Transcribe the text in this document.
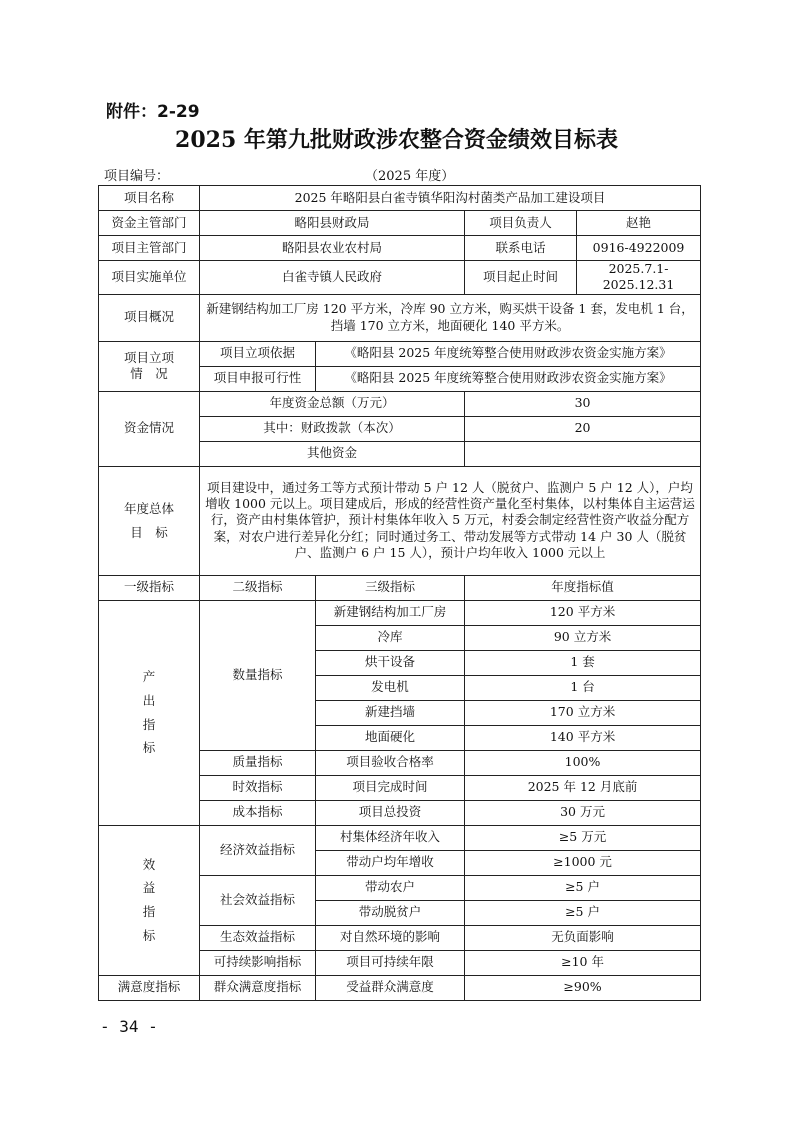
附件：2-29
2025 年第九批财政涉农整合资金绩效目标表
项目编号：	（2025 年度）
项目名称	2025 年略阳县白雀寺镇华阳沟村菌类产品加工建设项目			
资金主管部门	略阳县财政局		项目负责人	赵艳
项目主管部门	略阳县农业农村局		联系电话	0916-4922009
项目实施单位	白雀寺镇人民政府		项目起止时间	2025.7.1-2025.12.31
项目概况	新建钢结构加工厂房 120 平方米，冷库 90 立方米，购买烘干设备 1 套，发电机 1 台，挡墙 170 立方米，地面硬化 140 平方米。			

项目立项
情　况	项目立项依据	《略阳县 2025 年度统筹整合使用财政涉农资金实施方案》		
	项目申报可行性	《略阳县 2025 年度统筹整合使用财政涉农资金实施方案》		
资金情况	年度资金总额（万元）		30	
	其中：财政拨款（本次）		20	
	其他资金			

年度总体
目　标	项目建设中，通过务工等方式预计带动 5 户 12 人（脱贫户、监测户 5 户 12 人），户均增收 1000 元以上。项目建成后，形成的经营性资产量化至村集体，以村集体自主运营运行，资产由村集体管护，预计村集体年收入 5 万元，村委会制定经营性资产收益分配方案，对农户进行差异化分红；同时通过务工、带动发展等方式带动 14 户 30 人（脱贫户、监测户 6 户 15 人），预计户均年收入 1000 元以上			
一级指标	二级指标	三级指标	年度指标值	

产
出
指
标	数量指标	新建钢结构加工厂房	120 平方米	
		冷库	90 立方米	
		烘干设备	1 套	
		发电机	1 台	
		新建挡墙	170 立方米	
		地面硬化	140 平方米	
	质量指标	项目验收合格率	100%	
	时效指标	项目完成时间	2025 年 12 月底前	
	成本指标	项目总投资	30 万元	

效
益
指
标	经济效益指标	村集体经济年收入	≥5 万元	
		带动户均年增收	≥1000 元	
	社会效益指标	带动农户	≥5 户	
		带动脱贫户	≥5 户	
	生态效益指标	对自然环境的影响	无负面影响	
	可持续影响指标	项目可持续年限	≥10 年	
满意度指标	群众满意度指标	受益群众满意度	≥90%	
- 34 -
